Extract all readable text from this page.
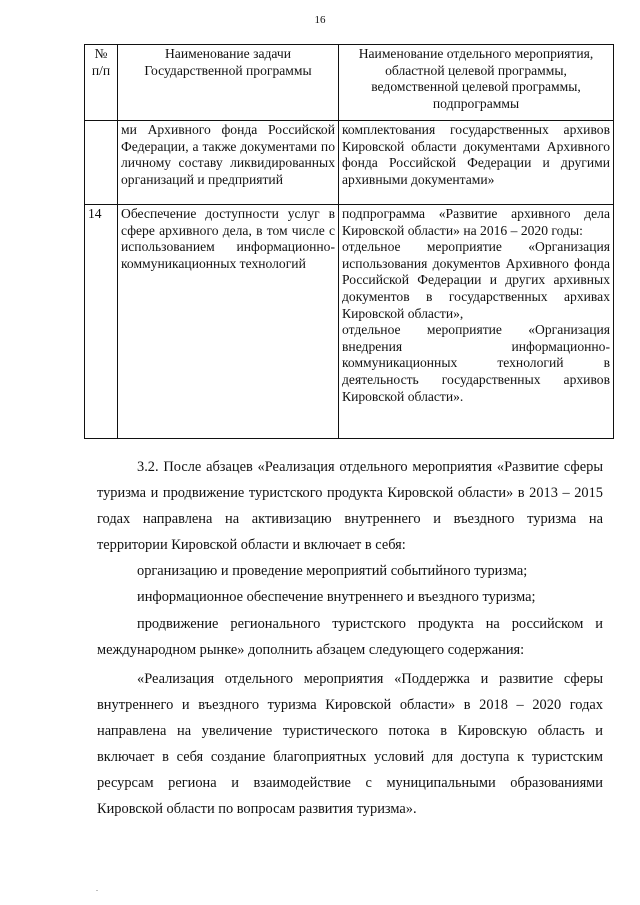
16
№ п/п	Наименование задачи Государственной программы	Наименование отдельного мероприятия, областной целевой программы, ведомственной целевой программы, подпрограммы
	ми Архивного фонда Российской Федерации, а также документами по личному составу ликвидированных организаций и предприятий	комплектования государственных архивов Кировской области документами Архивного фонда Российской Федерации и другими архивными документами»
14	Обеспечение доступности услуг в сфере архивного дела, в том числе с использованием информационно-коммуникационных технологий	подпрограмма «Развитие архивного дела Кировской области» на 2016 – 2020 годы:

отдельное мероприятие «Организация использования документов Архивного фонда Российской Федерации и других архивных документов в государственных архивах Кировской области»,

отдельное мероприятие «Организация внедрения информационно-коммуникационных технологий в деятельность государственных архивов Кировской области».

3.2. После абзацев «Реализация отдельного мероприятия «Развитие сферы туризма и продвижение туристского продукта Кировской области» в 2013 – 2015 годах направлена на активизацию внутреннего и въездного туризма на территории Кировской области и включает в себя:

организацию и проведение мероприятий событийного туризма;

информационное обеспечение внутреннего и въездного туризма;

продвижение регионального туристского продукта на российском и международном рынке» дополнить абзацем следующего содержания:

«Реализация отдельного мероприятия «Поддержка и развитие сферы внутреннего и въездного туризма Кировской области» в 2018 – 2020 годах направлена на увеличение туристического потока в Кировскую область и включает в себя создание благоприятных условий для доступа к туристским ресурсам региона и взаимодействие с муниципальными образованиями Кировской области по вопросам развития туризма».

.
